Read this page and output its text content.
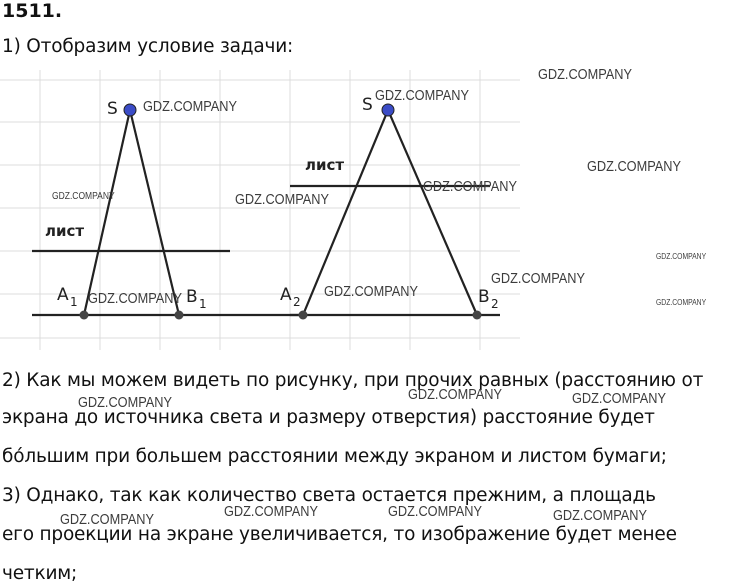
1511.
1) Отобразим условие задачи:
S
лист
A 1	B 1
S
лист
A 2	B 2
2) Как мы можем видеть по рисунку, при прочих равных (расстоянию от
экрана до источника света и размеру отверстия) расстояние будет
бо́льшим при большем расстоянии между экраном и листом бумаги;
3) Однако, так как количество света остается прежним, а площадь
его проекции на экране увеличивается, то изображение будет менее
четким;
GDZ.COMPANY
GDZ.COMPANY
GDZ.COMPANY
GDZ.COMPANY
GDZ.COMPANY
GDZ.COMPANY
GDZ.COMPANY
GDZ.COMPANY
GDZ.COMPANY
GDZ.COMPANY
GDZ.COMPANY	GDZ.COMPANY
GDZ.COMPANY	GDZ.COMPANY	GDZ.COMPANY
GDZ.COMPANY	GDZ.COMPANY	GDZ.COMPANY
GDZ.COMPANY
